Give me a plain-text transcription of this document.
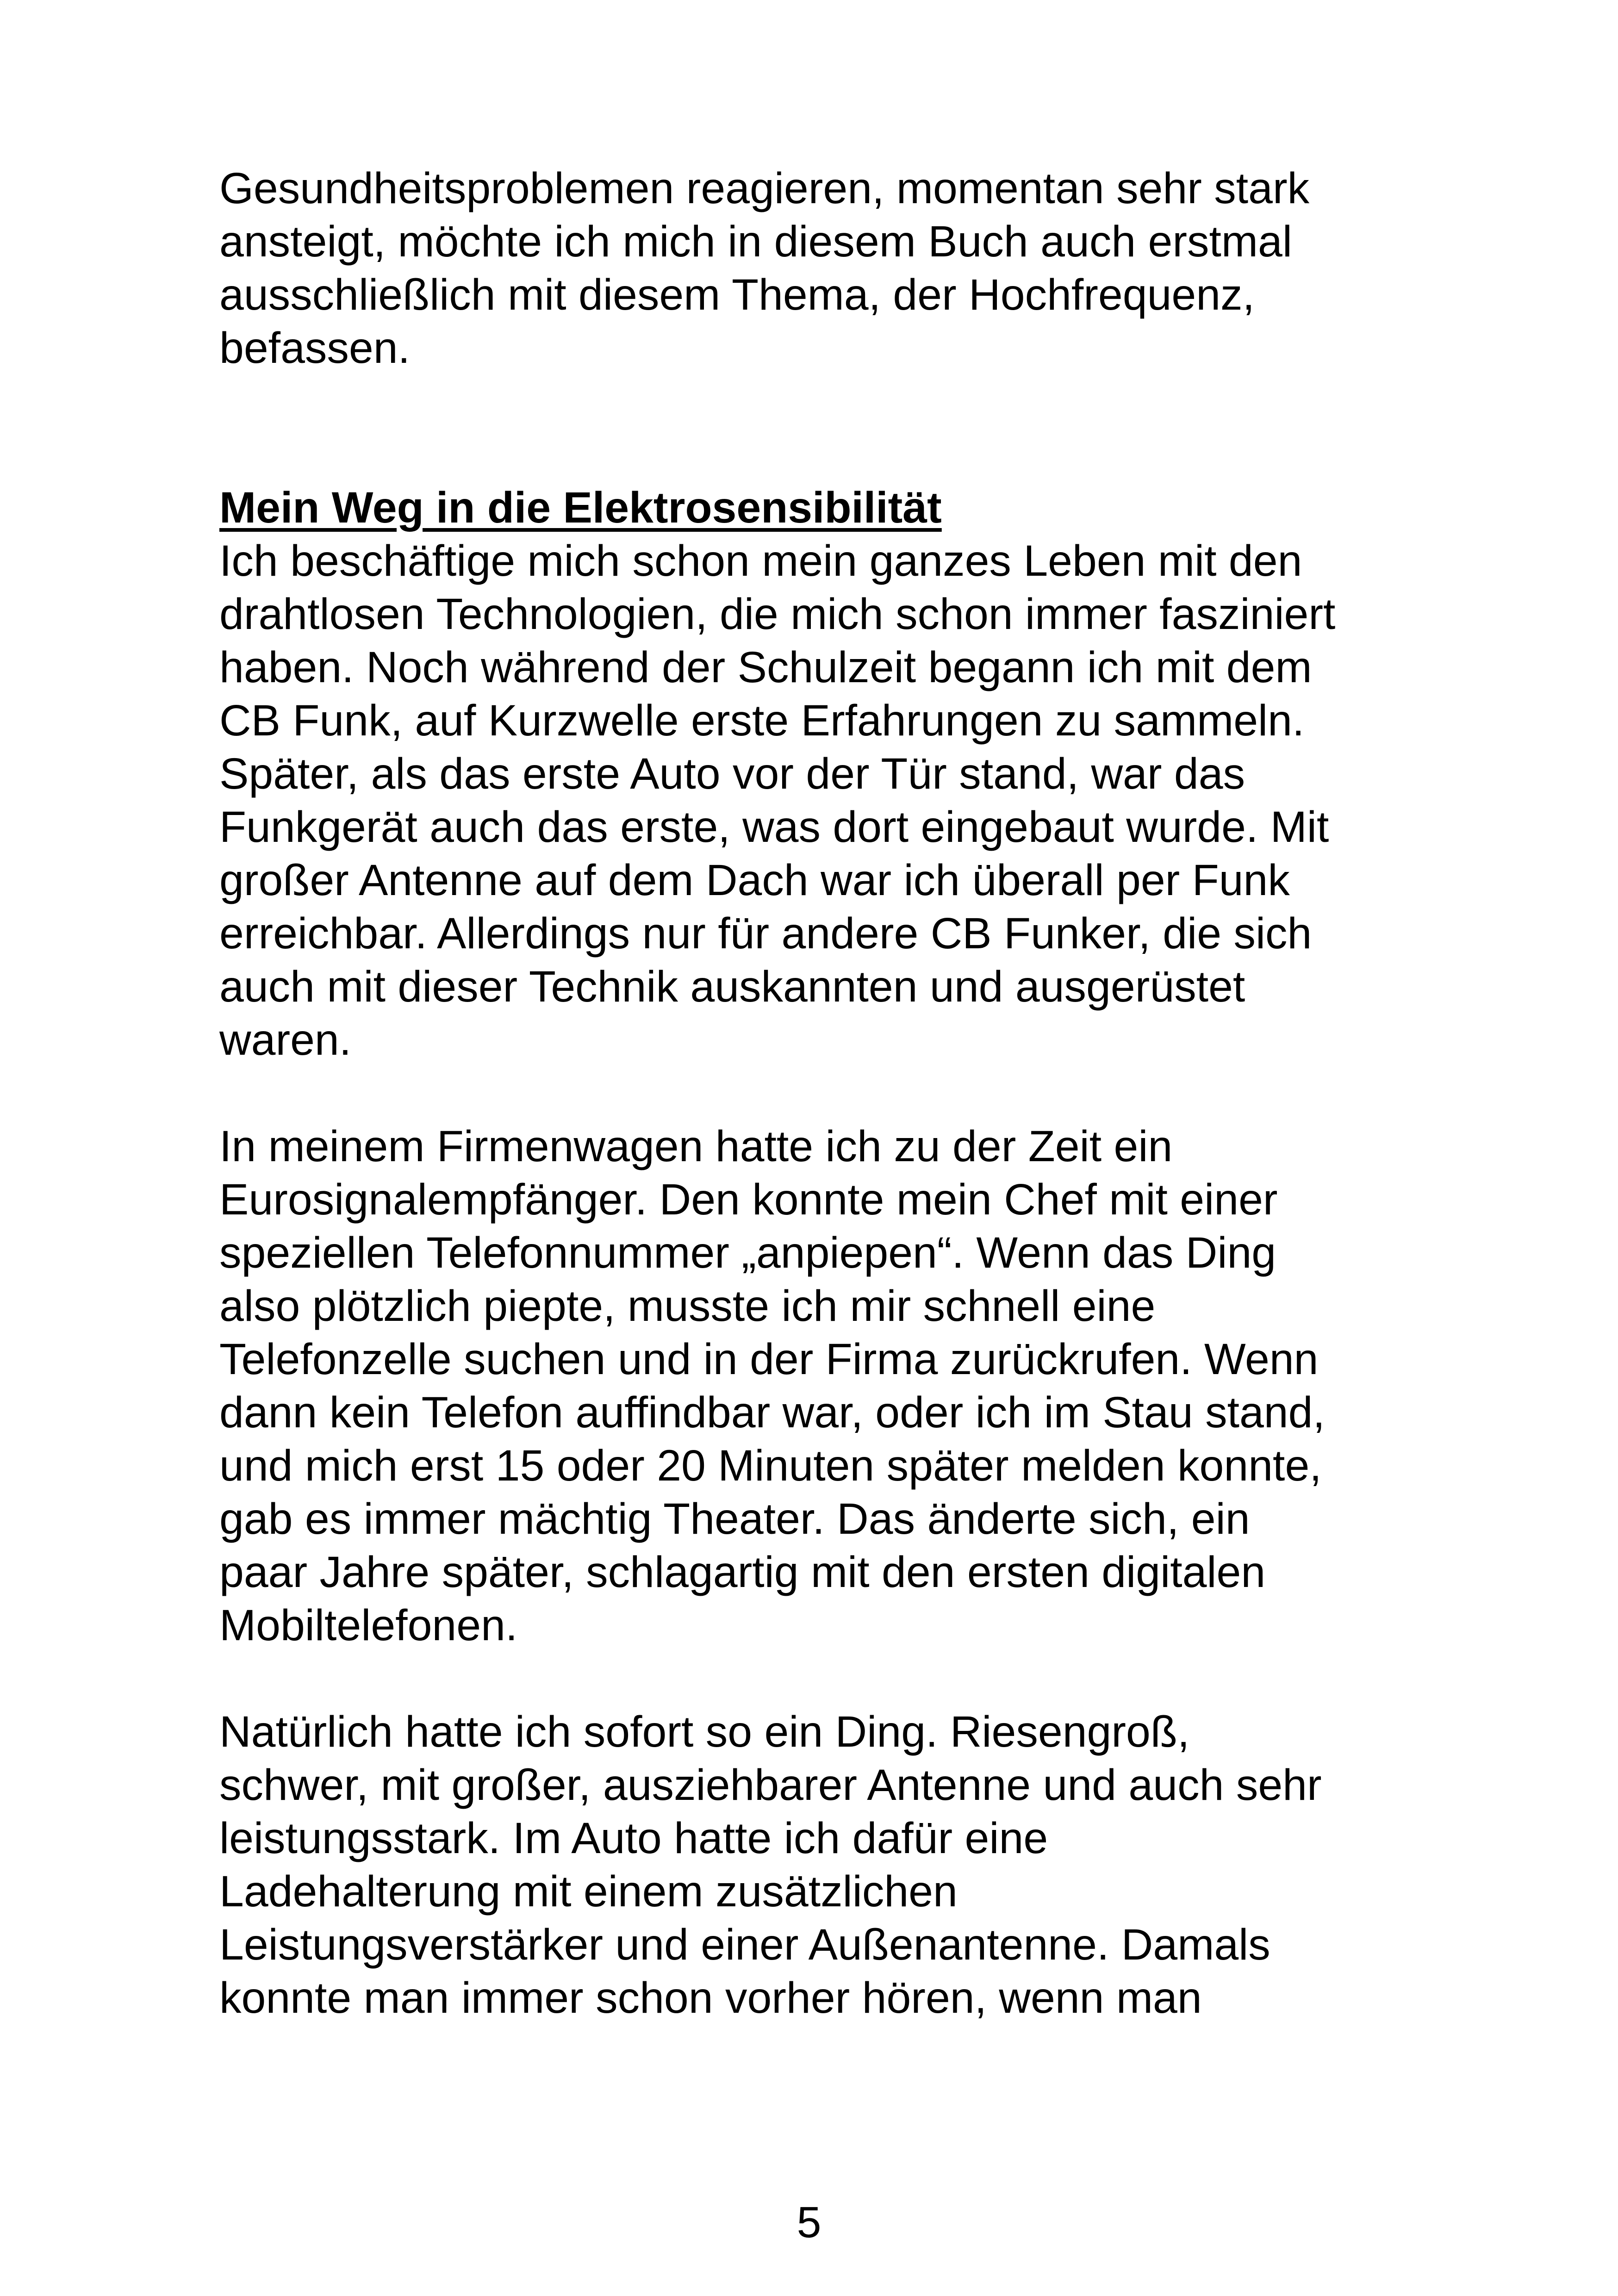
Gesundheitsproblemen reagieren, momentan sehr stark
ansteigt, möchte ich mich in diesem Buch auch erstmal
ausschließlich mit diesem Thema, der Hochfrequenz,
befassen.
Mein Weg in die Elektrosensibilität
Ich beschäftige mich schon mein ganzes Leben mit den
drahtlosen Technologien, die mich schon immer fasziniert
haben. Noch während der Schulzeit begann ich mit dem
CB Funk, auf Kurzwelle erste Erfahrungen zu sammeln.
Später, als das erste Auto vor der Tür stand, war das
Funkgerät auch das erste, was dort eingebaut wurde. Mit
großer Antenne auf dem Dach war ich überall per Funk
erreichbar. Allerdings nur für andere CB Funker, die sich
auch mit dieser Technik auskannten und ausgerüstet
waren.
In meinem Firmenwagen hatte ich zu der Zeit ein
Eurosignalempfänger. Den konnte mein Chef mit einer
speziellen Telefonnummer „anpiepen“. Wenn das Ding
also plötzlich piepte, musste ich mir schnell eine
Telefonzelle suchen und in der Firma zurückrufen. Wenn
dann kein Telefon auffindbar war, oder ich im Stau stand,
und mich erst 15 oder 20 Minuten später melden konnte,
gab es immer mächtig Theater. Das änderte sich, ein
paar Jahre später, schlagartig mit den ersten digitalen
Mobiltelefonen.
Natürlich hatte ich sofort so ein Ding. Riesengroß,
schwer, mit großer, ausziehbarer Antenne und auch sehr
leistungsstark. Im Auto hatte ich dafür eine
Ladehalterung mit einem zusätzlichen
Leistungsverstärker und einer Außenantenne. Damals
konnte man immer schon vorher hören, wenn man
5
